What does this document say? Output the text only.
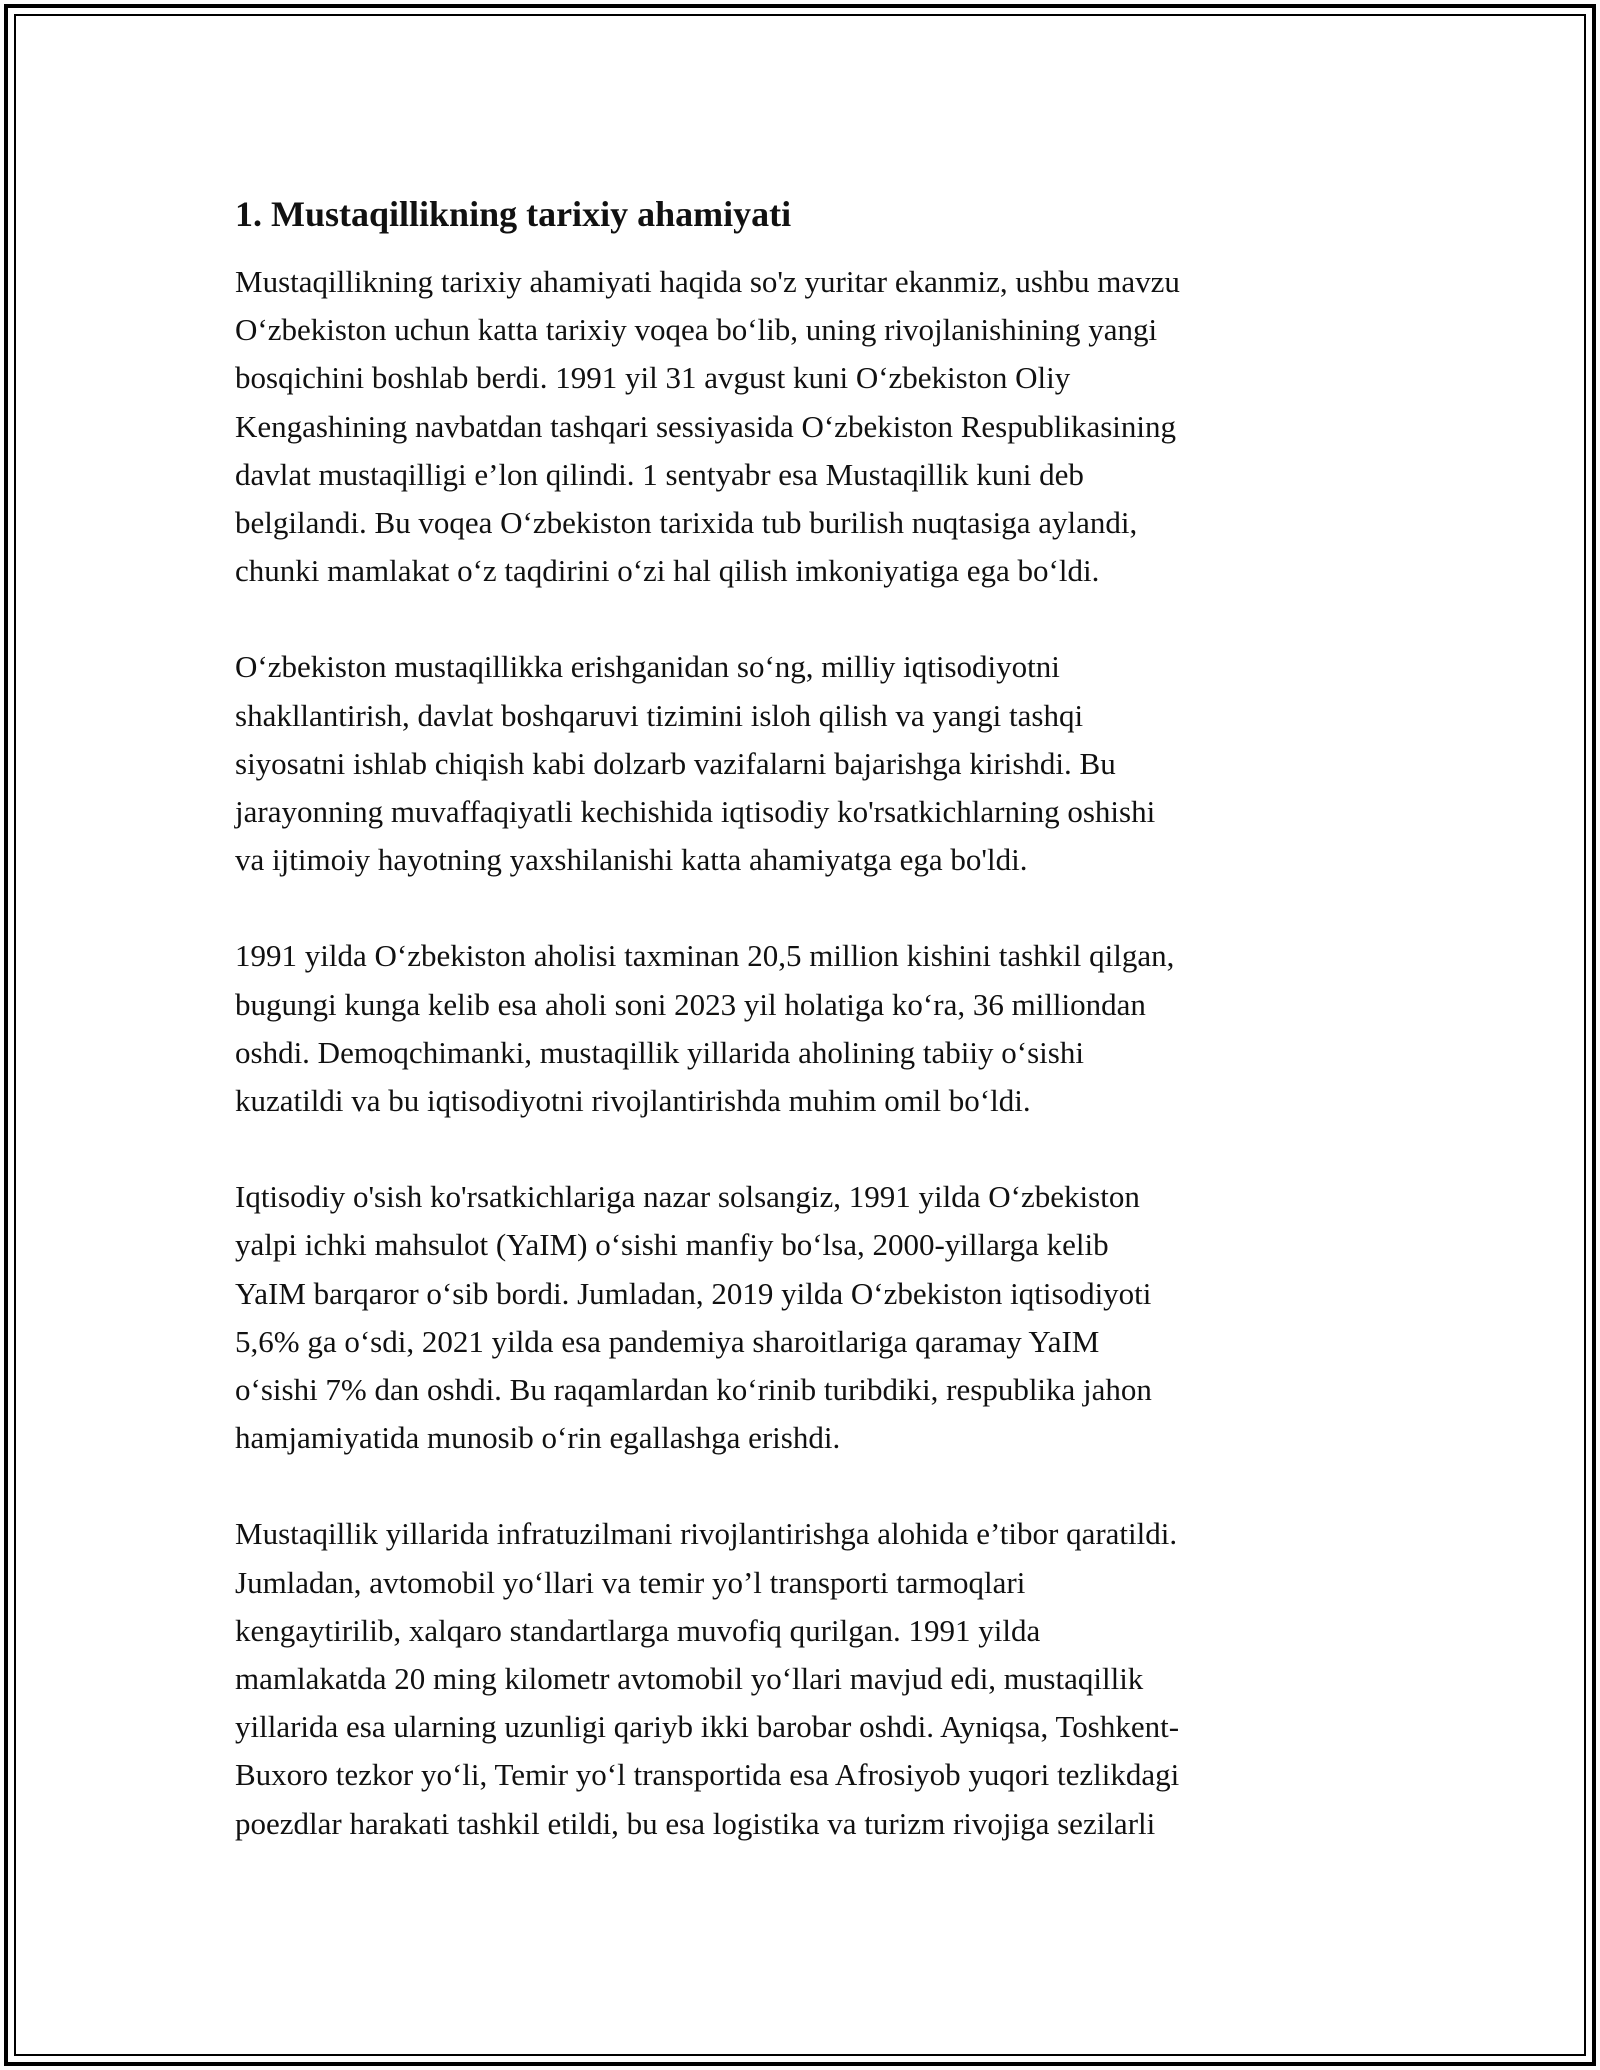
1. Mustaqillikning tarixiy ahamiyati

Mustaqillikning tarixiy ahamiyati haqida so'z yuritar ekanmiz, ushbu mavzu
Oʻzbekiston uchun katta tarixiy voqea boʻlib, uning rivojlanishining yangi
bosqichini boshlab berdi. 1991 yil 31 avgust kuni Oʻzbekiston Oliy
Kengashining navbatdan tashqari sessiyasida Oʻzbekiston Respublikasining
davlat mustaqilligi e’lon qilindi. 1 sentyabr esa Mustaqillik kuni deb
belgilandi. Bu voqea Oʻzbekiston tarixida tub burilish nuqtasiga aylandi,
chunki mamlakat oʻz taqdirini oʻzi hal qilish imkoniyatiga ega boʻldi.

Oʻzbekiston mustaqillikka erishganidan soʻng, milliy iqtisodiyotni
shakllantirish, davlat boshqaruvi tizimini isloh qilish va yangi tashqi
siyosatni ishlab chiqish kabi dolzarb vazifalarni bajarishga kirishdi. Bu
jarayonning muvaffaqiyatli kechishida iqtisodiy ko'rsatkichlarning oshishi
va ijtimoiy hayotning yaxshilanishi katta ahamiyatga ega bo'ldi.

1991 yilda Oʻzbekiston aholisi taxminan 20,5 million kishini tashkil qilgan,
bugungi kunga kelib esa aholi soni 2023 yil holatiga koʻra, 36 milliondan
oshdi. Demoqchimanki, mustaqillik yillarida aholining tabiiy oʻsishi
kuzatildi va bu iqtisodiyotni rivojlantirishda muhim omil boʻldi.

Iqtisodiy o'sish ko'rsatkichlariga nazar solsangiz, 1991 yilda Oʻzbekiston
yalpi ichki mahsulot (YaIM) oʻsishi manfiy boʻlsa, 2000-yillarga kelib
YaIM barqaror oʻsib bordi. Jumladan, 2019 yilda Oʻzbekiston iqtisodiyoti
5,6% ga oʻsdi, 2021 yilda esa pandemiya sharoitlariga qaramay YaIM
oʻsishi 7% dan oshdi. Bu raqamlardan koʻrinib turibdiki, respublika jahon
hamjamiyatida munosib oʻrin egallashga erishdi.

Mustaqillik yillarida infratuzilmani rivojlantirishga alohida e’tibor qaratildi.
Jumladan, avtomobil yoʻllari va temir yo’l transporti tarmoqlari
kengaytirilib, xalqaro standartlarga muvofiq qurilgan. 1991 yilda
mamlakatda 20 ming kilometr avtomobil yoʻllari mavjud edi, mustaqillik
yillarida esa ularning uzunligi qariyb ikki barobar oshdi. Ayniqsa, Toshkent-
Buxoro tezkor yoʻli, Temir yoʻl transportida esa Afrosiyob yuqori tezlikdagi
poezdlar harakati tashkil etildi, bu esa logistika va turizm rivojiga sezilarli
